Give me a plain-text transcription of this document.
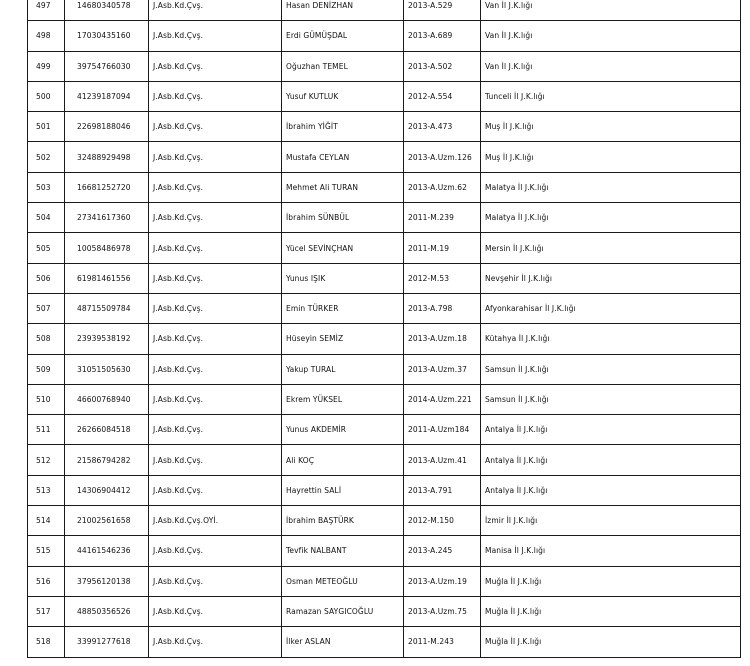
497	14680340578	J.Asb.Kd.Çvş.	Hasan DENİZHAN	2013-A.529	Van İl J.K.lığı
498	17030435160	J.Asb.Kd.Çvş.	Erdi GÜMÜŞDAL	2013-A.689	Van İl J.K.lığı
499	39754766030	J.Asb.Kd.Çvş.	Oğuzhan TEMEL	2013-A.502	Van İl J.K.lığı
500	41239187094	J.Asb.Kd.Çvş.	Yusuf KUTLUK	2012-A.554	Tunceli İl J.K.lığı
501	22698188046	J.Asb.Kd.Çvş.	İbrahim YİĞİT	2013-A.473	Muş İl J.K.lığı
502	32488929498	J.Asb.Kd.Çvş.	Mustafa CEYLAN	2013-A.Uzm.126	Muş İl J.K.lığı
503	16681252720	J.Asb.Kd.Çvş.	Mehmet Ali TURAN	2013-A.Uzm.62	Malatya İl J.K.lığı
504	27341617360	J.Asb.Kd.Çvş.	İbrahim SÜNBÜL	2011-M.239	Malatya İl J.K.lığı
505	10058486978	J.Asb.Kd.Çvş.	Yücel SEVİNÇHAN	2011-M.19	Mersin İl J.K.lığı
506	61981461556	J.Asb.Kd.Çvş.	Yunus IŞIK	2012-M.53	Nevşehir İl J.K.lığı
507	48715509784	J.Asb.Kd.Çvş.	Emin TÜRKER	2013-A.798	Afyonkarahisar İl J.K.lığı
508	23939538192	J.Asb.Kd.Çvş.	Hüseyin SEMİZ	2013-A.Uzm.18	Kütahya İl J.K.lığı
509	31051505630	J.Asb.Kd.Çvş.	Yakup TURAL	2013-A.Uzm.37	Samsun İl J.K.lığı
510	46600768940	J.Asb.Kd.Çvş.	Ekrem YÜKSEL	2014-A.Uzm.221	Samsun İl J.K.lığı
511	26266084518	J.Asb.Kd.Çvş.	Yunus AKDEMİR	2011-A.Uzm184	Antalya İl J.K.lığı
512	21586794282	J.Asb.Kd.Çvş.	Ali KOÇ	2013-A.Uzm.41	Antalya İl J.K.lığı
513	14306904412	J.Asb.Kd.Çvş.	Hayrettin SALİ	2013-A.791	Antalya İl J.K.lığı
514	21002561658	J.Asb.Kd.Çvş.OYİ.	İbrahim BAŞTÜRK	2012-M.150	İzmir İl J.K.lığı
515	44161546236	J.Asb.Kd.Çvş.	Tevfik NALBANT	2013-A.245	Manisa İl J.K.lığı
516	37956120138	J.Asb.Kd.Çvş.	Osman METEOĞLU	2013-A.Uzm.19	Muğla İl J.K.lığı
517	48850356526	J.Asb.Kd.Çvş.	Ramazan SAYGICOĞLU	2013-A.Uzm.75	Muğla İl J.K.lığı
518	33991277618	J.Asb.Kd.Çvş.	İlker ASLAN	2011-M.243	Muğla İl J.K.lığı
